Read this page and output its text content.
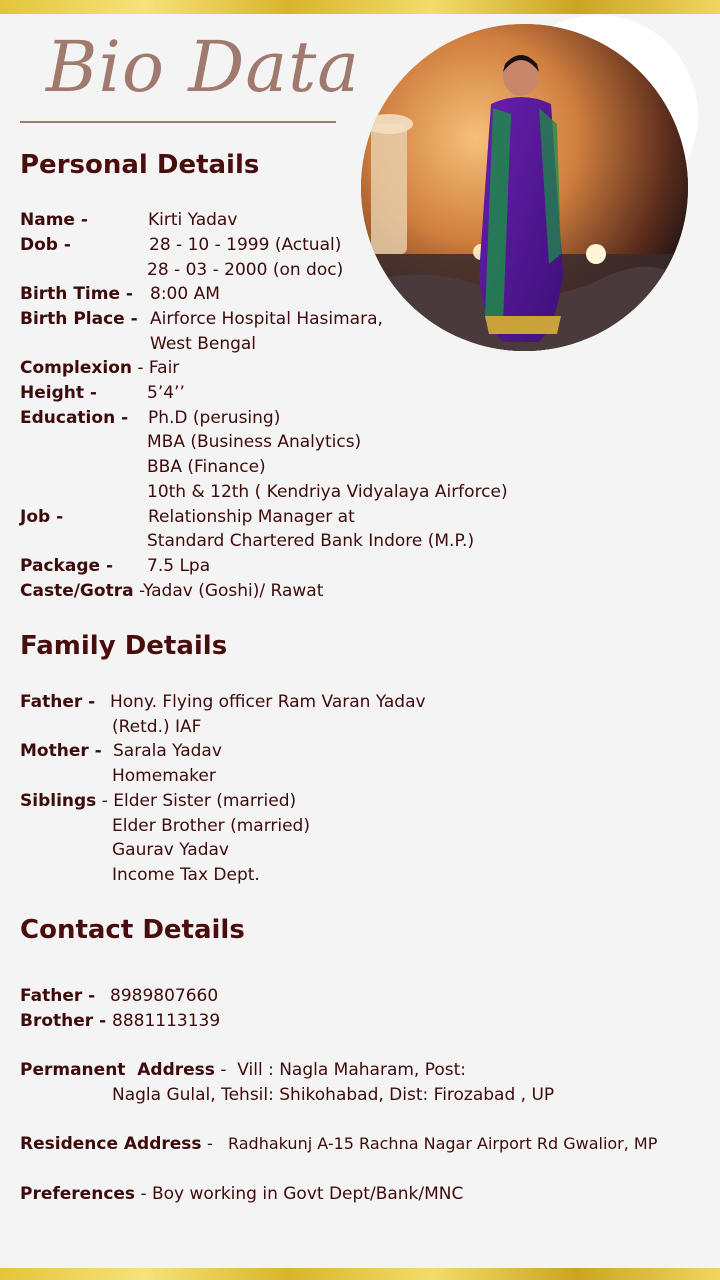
Bio Data
Personal Details
Name -	Kirti Yadav
Dob -	28 - 10 - 1999 (Actual)
28 - 03 - 2000 (on doc)
Birth Time - 8:00 AM
Birth Place - Airforce Hospital Hasimara,
West Bengal
Complexion - Fair
Height -	5’4’’
Education - Ph.D (perusing)
MBA (Business Analytics)
BBA (Finance)
10th & 12th ( Kendriya Vidyalaya Airforce)
Job -	Relationship Manager at
Standard Chartered Bank Indore (M.P.)
Package - 7.5 Lpa
Caste/Gotra -Yadav (Goshi)/ Rawat
Family Details
Father - Hony. Flying officer Ram Varan Yadav
(Retd.) IAF
Mother - Sarala Yadav
Homemaker
Siblings - Elder Sister (married)
Elder Brother (married)
Gaurav Yadav
Income Tax Dept.
Contact Details
Father - 8989807660
Brother - 8881113139
Permanent  Address -  Vill : Nagla Maharam, Post:
Nagla Gulal, Tehsil: Shikohabad, Dist: Firozabad , UP
Residence Address -   Radhakunj A-15 Rachna Nagar Airport Rd Gwalior, MP
Preferences - Boy working in Govt Dept/Bank/MNC
